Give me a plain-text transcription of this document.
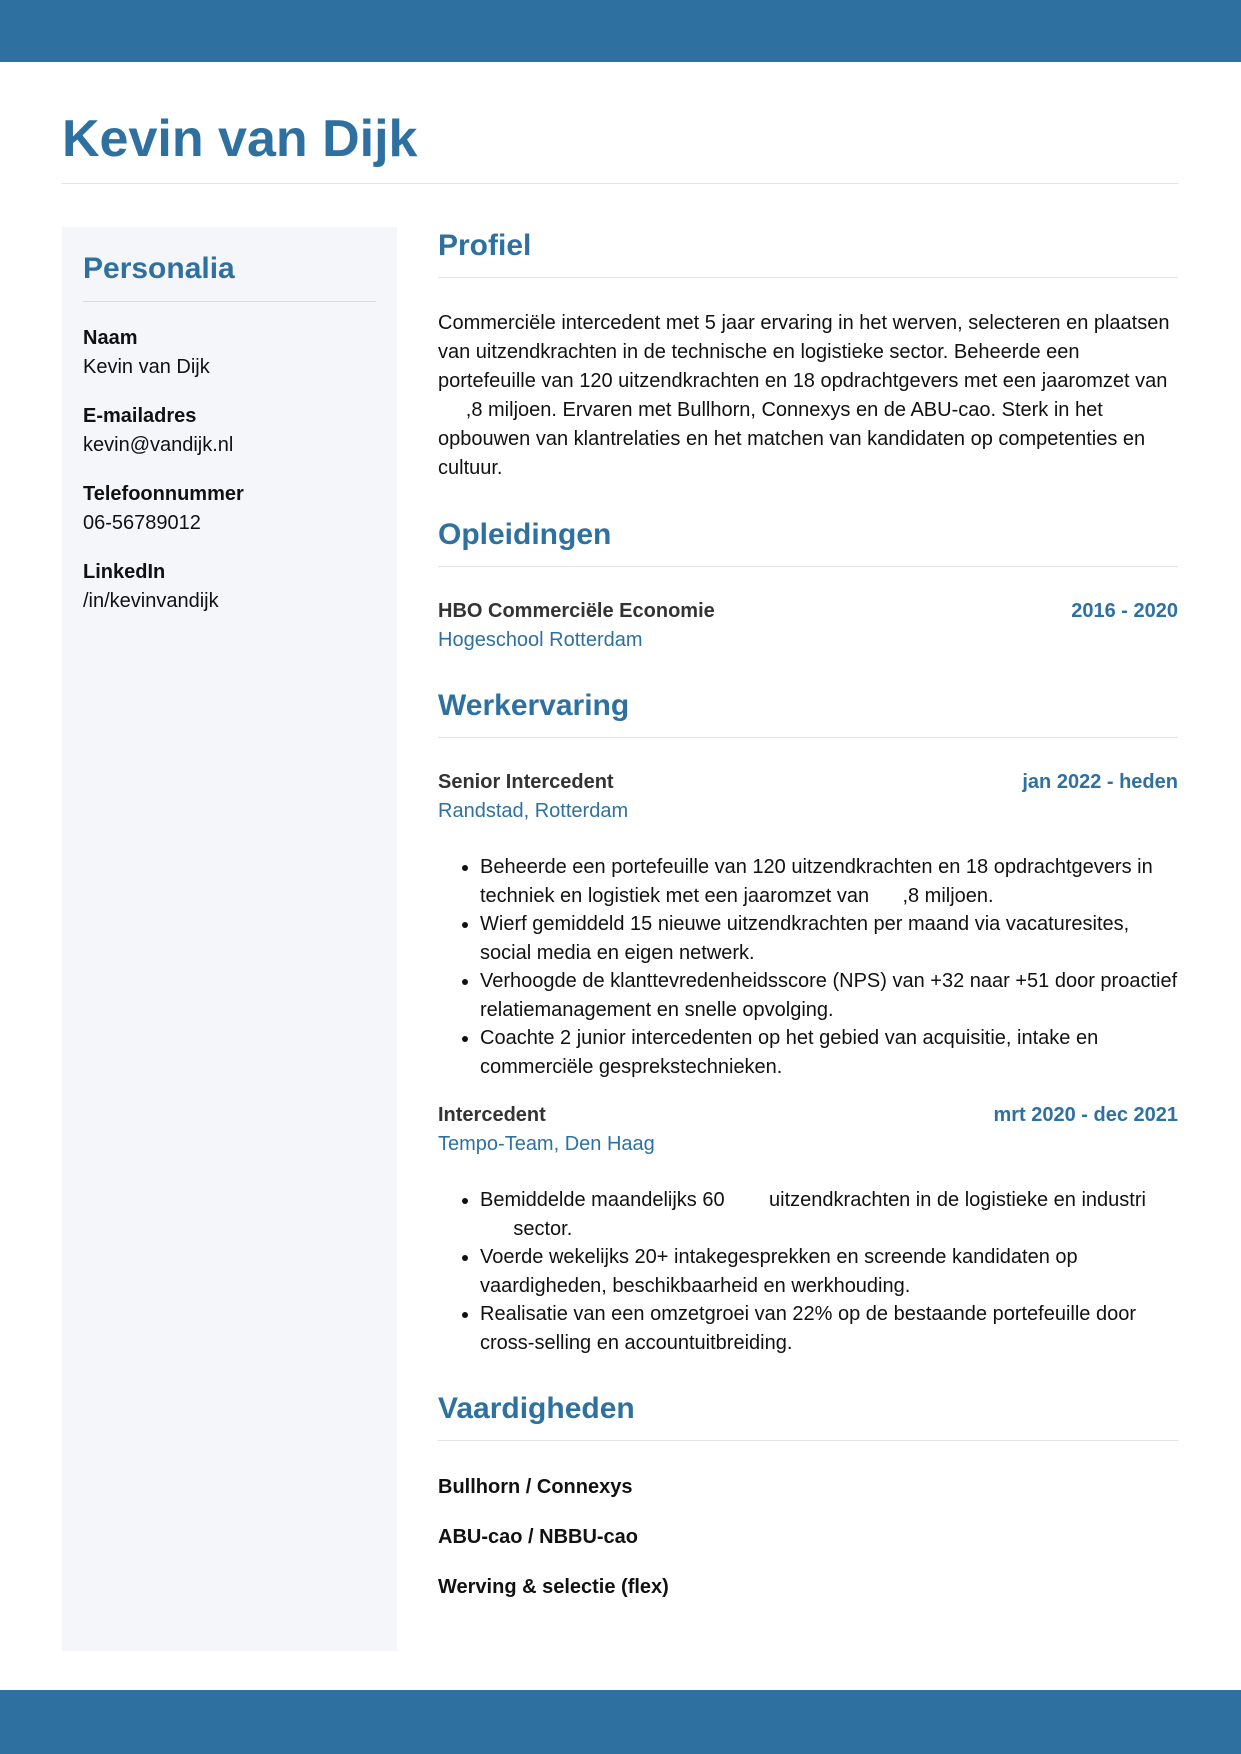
Kevin van Dijk
Personalia
Naam
Kevin van Dijk
E-mailadres
kevin@vandijk.nl
Telefoonnummer
06-56789012
LinkedIn
/in/kevinvandijk
Profiel

Commerciële intercedent met 5 jaar ervaring in het werven, selecteren en plaatsen van uitzendkrachten in de technische en logistieke sector. Beheerde een portefeuille van 120 uitzendkrachten en 18 opdrachtgevers met een jaaromzet van      ,8 miljoen. Ervaren met Bullhorn, Connexys en de ABU-cao. Sterk in het opbouwen van klantrelaties en het matchen van kandidaten op competenties en cultuur.

Opleidingen
HBO Commerciële Economie	2016 - 2020
Hogeschool Rotterdam
Werkervaring
Senior Intercedent	jan 2022 - heden
Randstad, Rotterdam
• Beheerde een portefeuille van 120 uitzendkrachten en 18 opdrachtgevers in techniek en logistiek met een jaaromzet van      ,8 miljoen.
• Wierf gemiddeld 15 nieuwe uitzendkrachten per maand via vacaturesites, social media en eigen netwerk.
• Verhoogde de klanttevredenheidsscore (NPS) van +32 naar +51 door proactief relatiemanagement en snelle opvolging.
• Coachte 2 junior intercedenten op het gebied van acquisitie, intake en commerciële gesprekstechnieken.
Intercedent	mrt 2020 - dec 2021
Tempo-Team, Den Haag
• Bemiddelde maandelijks 60        uitzendkrachten in de logistieke en industri       sector.
• Voerde wekelijks 20+ intakegesprekken en screende kandidaten op vaardigheden, beschikbaarheid en werkhouding.
• Realisatie van een omzetgroei van 22% op de bestaande portefeuille door cross-selling en accountuitbreiding.
Vaardigheden
Bullhorn / Connexys
ABU-cao / NBBU-cao
Werving & selectie (flex)
